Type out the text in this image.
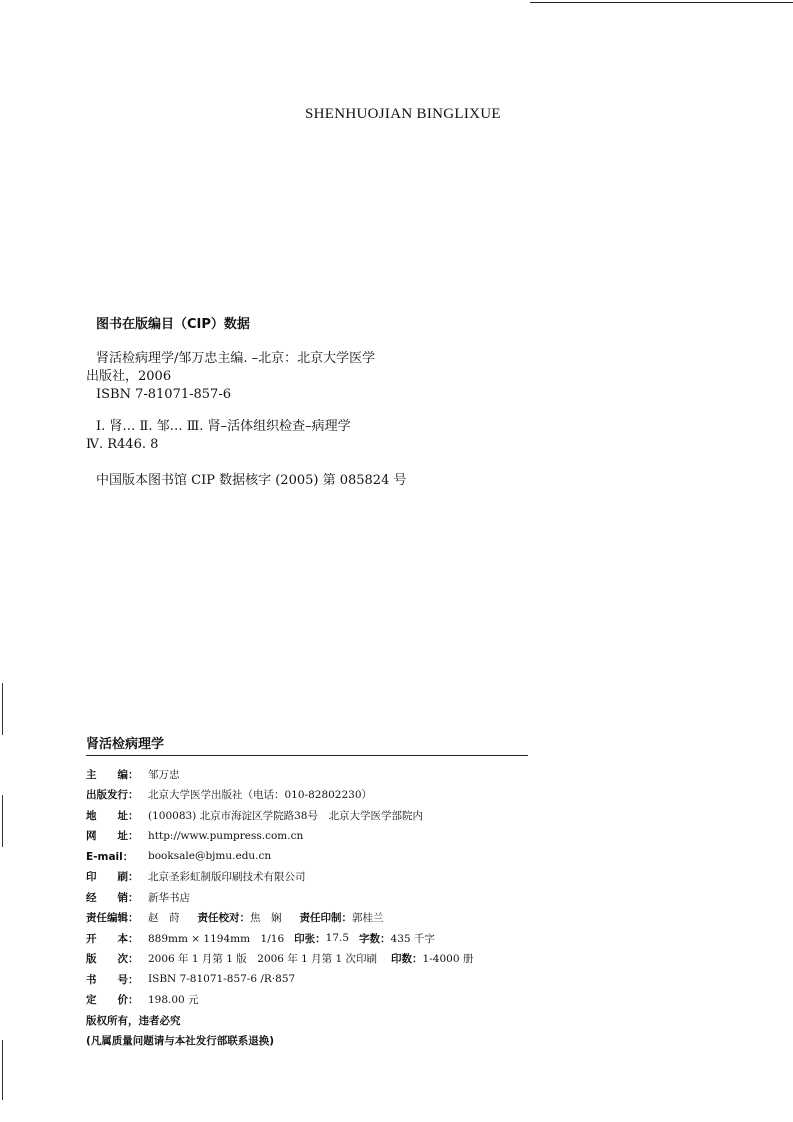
SHENHUOJIAN BINGLIXUE
图书在版编目（CIP）数据
肾活检病理学/邹万忠主编. –北京：北京大学医学
出版社，2006
ISBN 7-81071-857-6
Ⅰ. 肾… Ⅱ. 邹… Ⅲ. 肾–活体组织检查–病理学
Ⅳ. R446. 8
中国版本图书馆 CIP 数据核字 (2005) 第 085824 号
肾活检病理学
主　　编： 邹万忠
出版发行： 北京大学医学出版社（电话：010-82802230）
地　　址： (100083) 北京市海淀区学院路38号　北京大学医学部院内
网　　址： http://www.pumpress.com.cn
E-mail：	booksale@bjmu.edu.cn
印　　刷： 北京圣彩虹制版印刷技术有限公司
经　　销： 新华书店
责任编辑： 赵　莳 责任校对： 焦　娴 责任印制： 郭桂兰
开　　本： 889mm × 1194mm　1/16 印张： 17.5 字数： 435 千字
版　　次： 2006 年 1 月第 1 版　2006 年 1 月第 1 次印刷 印数： 1-4000 册
书　　号： ISBN 7-81071-857-6 /R·857
定　　价： 198.00 元
版权所有，违者必究
(凡属质量问题请与本社发行部联系退换)
